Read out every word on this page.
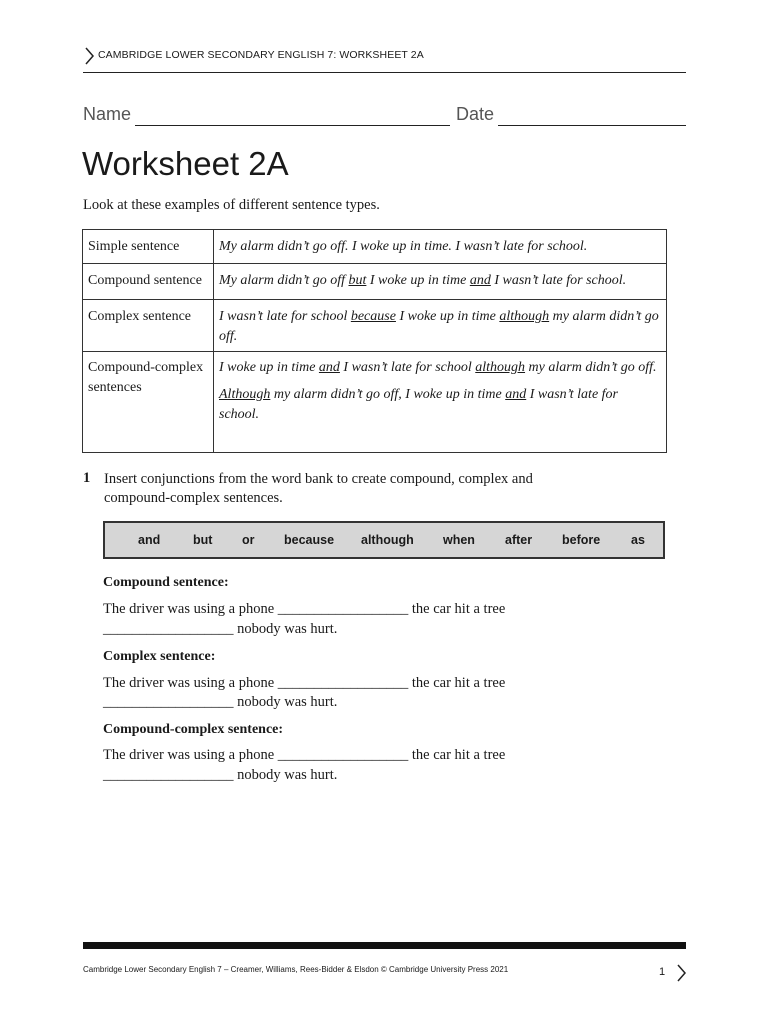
CAMBRIDGE LOWER SECONDARY ENGLISH 7: WORKSHEET 2A
Name	Date
Worksheet 2A
Look at these examples of different sentence types.
Simple sentence	My alarm didn’t go off. I woke up in time. I wasn’t late for school.

Compound sentence	My alarm didn’t go off but I woke up in time and I wasn’t late for school.

Complex sentence	I wasn’t late for school because I woke up in time although my alarm didn’t go off.

Compound-complex sentences	I woke up in time and I wasn’t late for school although my alarm didn’t go off.
Although my alarm didn’t go off, I woke up in time and I wasn’t late for school.
1 Insert conjunctions from the word bank to create compound, complex and compound-complex sentences.
and	but or because although when after before as
Compound sentence:
The driver was using a phone __________________ the car hit a tree
__________________ nobody was hurt.
Complex sentence:
The driver was using a phone __________________ the car hit a tree
__________________ nobody was hurt.
Compound-complex sentence:
The driver was using a phone __________________ the car hit a tree
__________________ nobody was hurt.
Cambridge Lower Secondary English 7 – Creamer, Williams, Rees-Bidder & Elsdon © Cambridge University Press 2021	1
